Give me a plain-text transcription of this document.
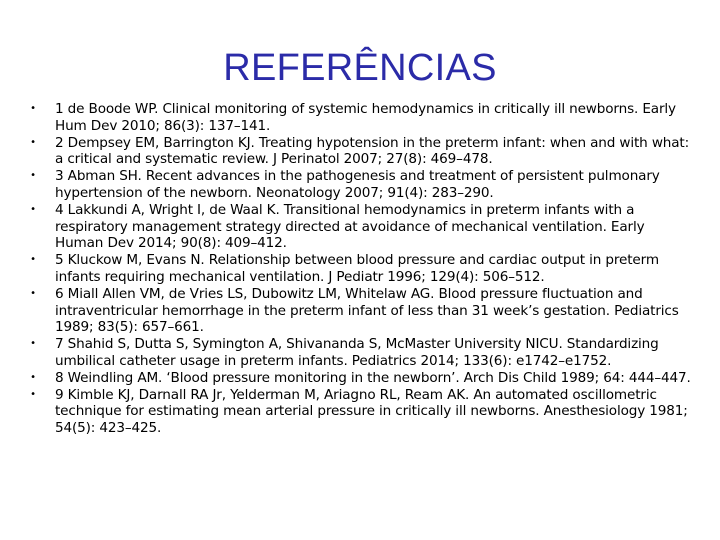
REFERÊNCIAS
• 1 de Boode WP. Clinical monitoring of systemic hemodynamics in critically ill newborns. Early Hum Dev 2010; 86(3): 137–141.
• 2 Dempsey EM, Barrington KJ. Treating hypotension in the preterm infant: when and with what: a critical and systematic review. J Perinatol 2007; 27(8): 469–478.
• 3 Abman SH. Recent advances in the pathogenesis and treatment of persistent pulmonary hypertension of the newborn. Neonatology 2007; 91(4): 283–290.
• 4 Lakkundi A, Wright I, de Waal K. Transitional hemodynamics in preterm infants with a respiratory management strategy directed at avoidance of mechanical ventilation. Early Human Dev 2014; 90(8): 409–412.
• 5 Kluckow M, Evans N. Relationship between blood pressure and cardiac output in preterm infants requiring mechanical ventilation. J Pediatr 1996; 129(4): 506–512.
• 6 Miall Allen VM, de Vries LS, Dubowitz LM, Whitelaw AG. Blood pressure fluctuation and intraventricular hemorrhage in the preterm infant of less than 31 week’s gestation. Pediatrics 1989; 83(5): 657–661.
• 7 Shahid S, Dutta S, Symington A, Shivananda S, McMaster University NICU. Standardizing umbilical catheter usage in preterm infants. Pediatrics 2014; 133(6): e1742–e1752.
• 8 Weindling AM. ‘Blood pressure monitoring in the newborn’. Arch Dis Child 1989; 64: 444–447.
• 9 Kimble KJ, Darnall RA Jr, Yelderman M, Ariagno RL, Ream AK. An automated oscillometric technique for estimating mean arterial pressure in critically ill newborns. Anesthesiology 1981; 54(5): 423–425.
